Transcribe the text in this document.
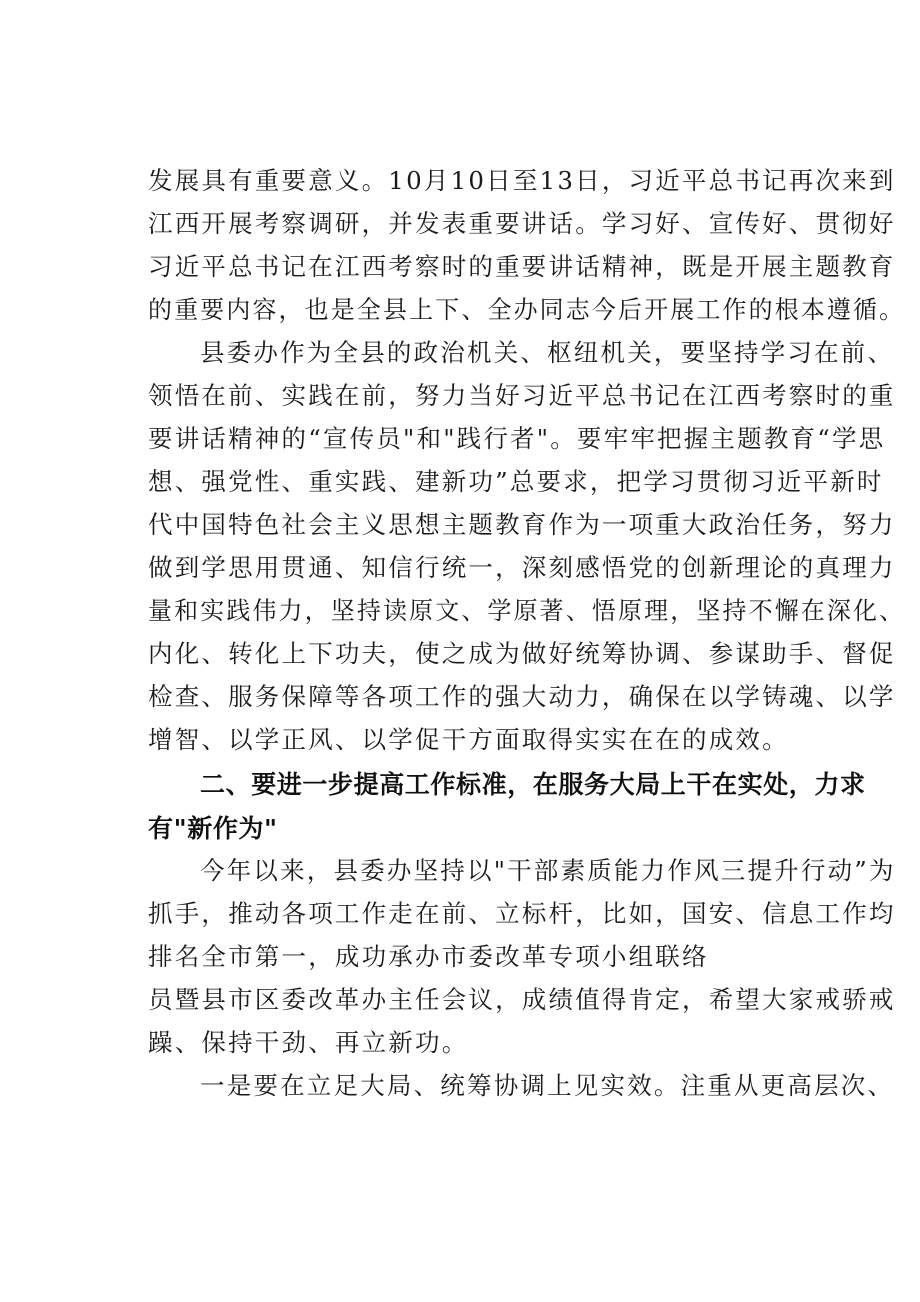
发展具有重要意义。10月10日至13日，习近平总书记再次来到
江西开展考察调研，并发表重要讲话。学习好、宣传好、贯彻好
习近平总书记在江西考察时的重要讲话精神，既是开展主题教育
的重要内容，也是全县上下、全办同志今后开展工作的根本遵循。
县委办作为全县的政治机关、枢纽机关，要坚持学习在前、
领悟在前、实践在前，努力当好习近平总书记在江西考察时的重
要讲话精神的“宣传员"和"践行者"。要牢牢把握主题教育“学思
想、强党性、重实践、建新功”总要求，把学习贯彻习近平新时
代中国特色社会主义思想主题教育作为一项重大政治任务，努力
做到学思用贯通、知信行统一，深刻感悟党的创新理论的真理力
量和实践伟力，坚持读原文、学原著、悟原理，坚持不懈在深化、
内化、转化上下功夫，使之成为做好统筹协调、参谋助手、督促
检查、服务保障等各项工作的强大动力，确保在以学铸魂、以学
增智、以学正风、以学促干方面取得实实在在的成效。
二、要进一步提高工作标准，在服务大局上干在实处，力求
有"新作为"
今年以来，县委办坚持以"干部素质能力作风三提升行动”为
抓手，推动各项工作走在前、立标杆，比如，国安、信息工作均
排名全市第一，成功承办市委改革专项小组联络
员暨县市区委改革办主任会议，成绩值得肯定，希望大家戒骄戒
躁、保持干劲、再立新功。
一是要在立足大局、统筹协调上见实效。注重从更高层次、
